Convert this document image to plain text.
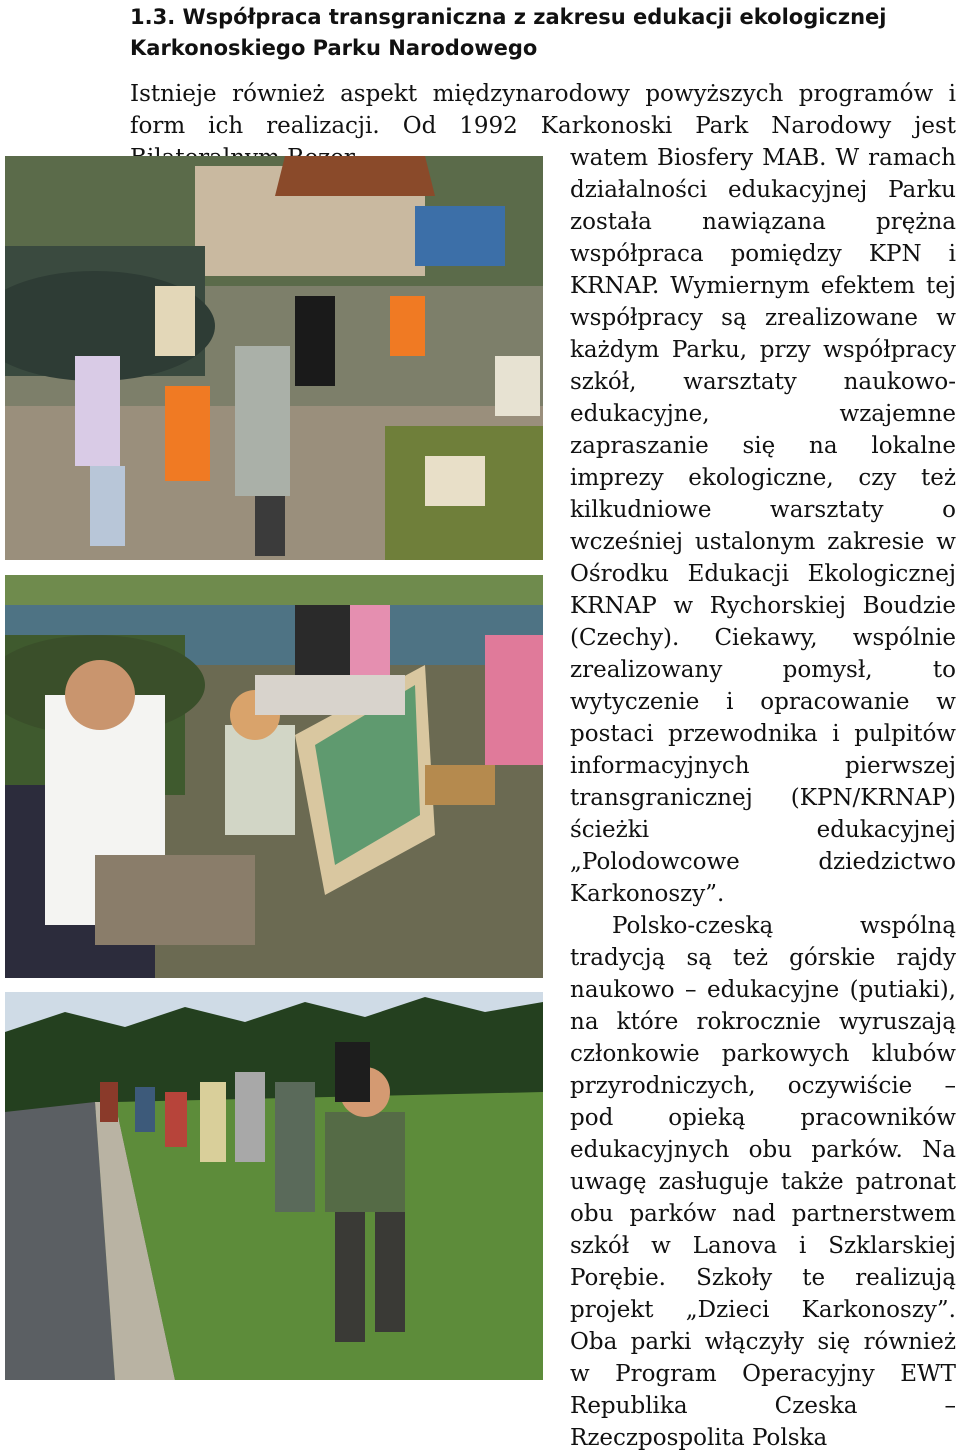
1.3. Współpraca transgraniczna z zakresu edukacji ekologicznej
Karkonoskiego Parku Narodowego
Istnieje również aspekt międzynarodowy powyższych programów i form ich realizacji. Od 1992 Karkonoski Park Narodowy jest

watem Biosfery MAB. W ramach działalności edukacyjnej Parku została nawiązana prężna współpraca pomiędzy KPN i KRNAP. Wymiernym efektem tej współpracy są zrealizowane w każdym Parku, przy współpracy szkół, warsztaty naukowo-edukacyjne, wzajemne zapraszanie się na lokalne imprezy ekologiczne, czy też kilkudniowe warsztaty o wcześniej ustalonym zakresie w Ośrodku Edukacji Ekologicznej KRNAP w Rychorskiej Boudzie (Czechy). Ciekawy, wspólnie zrealizowany pomysł, to wytyczenie i opracowanie w postaci przewodnika i pulpitów informacyjnych pierwszej transgranicznej (KPN/KRNAP) ścieżki edukacyjnej „Polodowcowe dziedzictwo Karkonoszy”.

Polsko-czeską wspólną tradycją są też górskie rajdy naukowo – edukacyjne (putiaki), na które rokrocznie wyruszają członkowie parkowych klubów przyrodniczych, oczywiście – pod opieką pracowników edukacyjnych obu parków. Na uwagę zasługuje także patronat obu parków nad partnerstwem szkół w Lanova i Szklarskiej Porębie. Szkoły te realizują projekt „Dzieci Karkonoszy”. Oba parki włączyły się również w Program Operacyjny EWT Republika Czeska – Rzeczpospolita Polska
